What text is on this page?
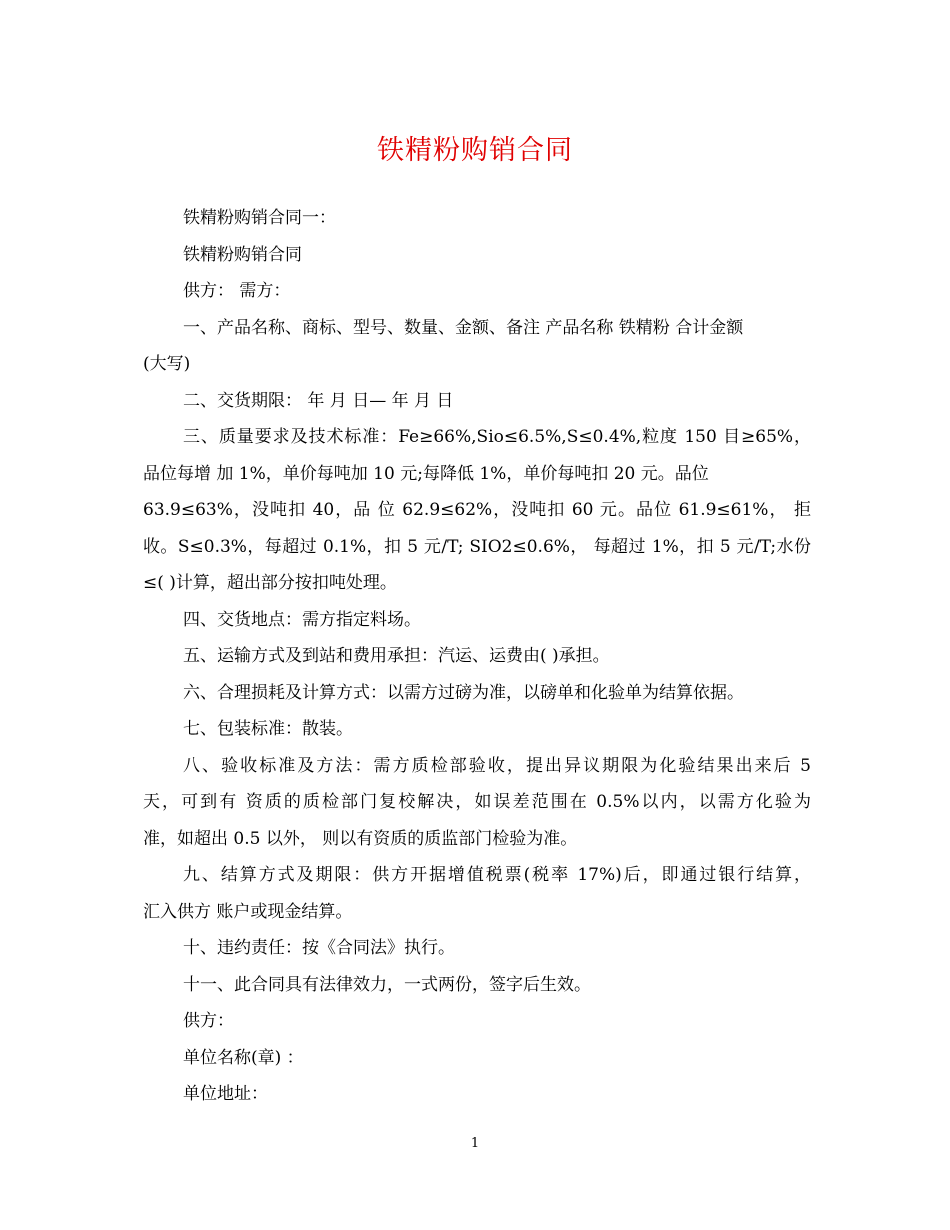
铁精粉购销合同
铁精粉购销合同一：
铁精粉购销合同
供方： 需方：
一、产品名称、商标、型号、数量、金额、备注 产品名称 铁精粉 合计金额
(大写)
二、交货期限： 年 月 日— 年 月 日
三、质量要求及技术标准：Fe≥66%,Sio≤6.5%,S≤0.4%,粒度 150 目≥65%，
品位每增 加 1%，单价每吨加 10 元;每降低 1%，单价每吨扣 20 元。品位
63.9≤63%，没吨扣 40，品 位 62.9≤62%，没吨扣 60 元。品位 61.9≤61%， 拒
收。S≤0.3%，每超过 0.1%，扣 5 元/T; SIO2≤0.6%， 每超过 1%，扣 5 元/T;水份
≤( )计算，超出部分按扣吨处理。
四、交货地点：需方指定料场。
五、运输方式及到站和费用承担：汽运、运费由( )承担。
六、合理损耗及计算方式：以需方过磅为准，以磅单和化验单为结算依据。
七、包装标准：散装。
八、验收标准及方法：需方质检部验收，提出异议期限为化验结果出来后 5
天，可到有 资质的质检部门复校解决，如误差范围在 0.5%以内，以需方化验为
准，如超出 0.5 以外， 则以有资质的质监部门检验为准。
九、结算方式及期限：供方开据增值税票(税率 17%)后，即通过银行结算，
汇入供方 账户或现金结算。
十、违约责任：按《合同法》执行。
十一、此合同具有法律效力，一式两份，签字后生效。
供方：
单位名称(章) ：
单位地址：
1
